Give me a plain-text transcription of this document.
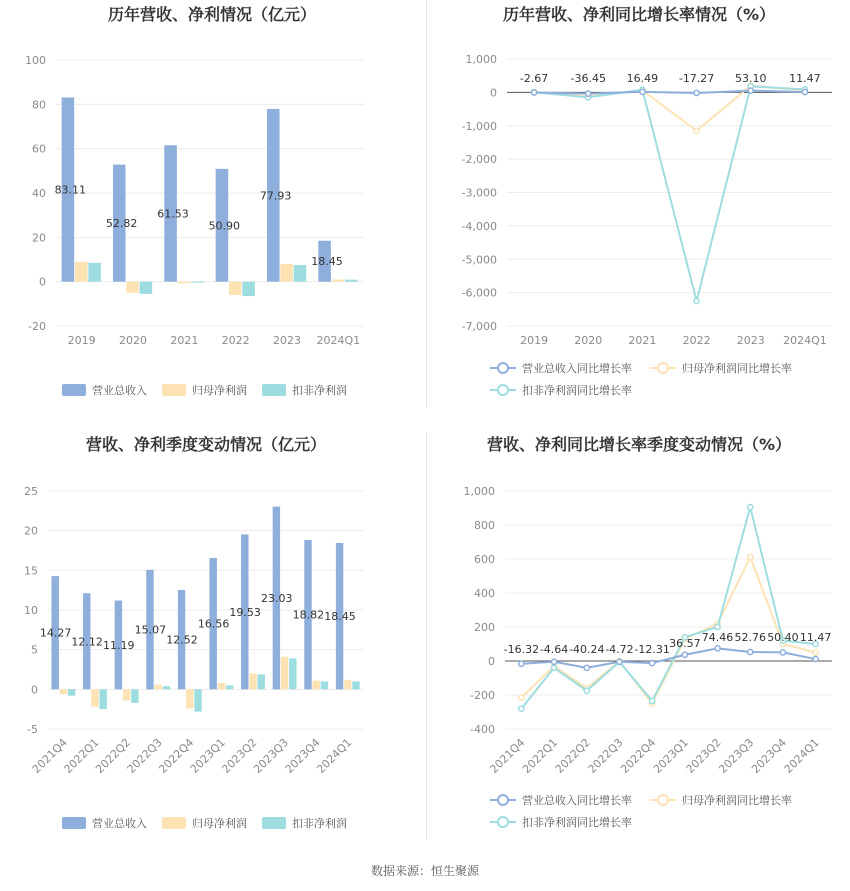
历年营收、净利情况（亿元）
100
80
60
40
20
0
-20
83.11
2019
52.82
2020
61.53
2021
50.90
2022
77.93
2023
18.45
2024Q1
营业总收入	归母净利润	扣非净利润
历年营收、净利同比增长率情况（%）
1,000
0
-1,000
-2,000
-3,000
-4,000
-5,000
-6,000
-7,000
2019 2020 2021 2022 2023 2024Q1
-2.67 -36.45 16.49 -17.27 53.10 11.47
营业总收入同比增长率	归母净利润同比增长率
扣非净利润同比增长率
营收、净利季度变动情况（亿元）
25
20
15
10
5
0
-5
14.27
2021Q4
12.12
2022Q1
11.19
2022Q2
15.07
2022Q3
12.52
2022Q4
16.56
2023Q1
19.53
2023Q2
23.03
2023Q3
18.82
2023Q4
18.45
2024Q1
营业总收入	归母净利润	扣非净利润
营收、净利同比增长率季度变动情况（%）
1,000
800
600
400
200
0
-200
-400
2021Q4
2022Q1
2022Q2
2022Q3
2022Q4
2023Q1
2023Q2
2023Q3
2023Q4
2024Q1
-16.32 -4.64 -40.24 -4.72 -12.31 36.57 74.46 52.76 50.40 11.47
营业总收入同比增长率	归母净利润同比增长率
扣非净利润同比增长率
数据来源：恒生聚源
